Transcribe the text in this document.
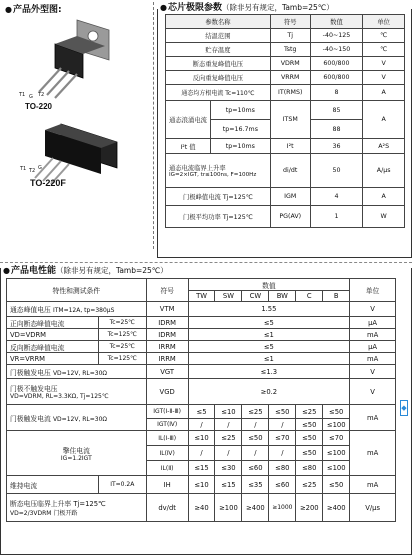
●产品外型图:
T1 G T2
TO-220
T1 T2 G
TO-220F
●芯片极限参数（除非另有规定，Tamb=25℃）
参数名称		符号	数值	单位
结温范围		Tj	-40~125	℃
贮存温度		Tstg	-40~150	℃
断态重复峰值电压		VDRM	600/800	V
反向重复峰值电压		VRRM	600/800	V
通态均方根电流 Tc=110℃		IT(RMS)	8	A
通态浪涌电流	tp=10ms	ITSM	85	A
	tp=16.7ms		88	
I²t 值	tp=10ms	I²t	36	A²S

通态电流临界上升率
IG=2×IGT, tr≤100ns, F=100Hz		di/dt	50	A/μs
门极峰值电流 Tj=125℃		IGM	4	A
门极平均功率 Tj=125℃		PG(AV)	1	W
●产品电性能（除非另有规定，Tamb=25℃）
特性和测试条件		符号	数值						单位
			TW	SW	CW	BW	C	B	
通态峰值电压 ITM=12A, tp=380μS		VTM	1.55						V
正向断态峰值电流	Tc=25℃	IDRM	≤5						μA
VD=VDRM	Tc=125℃	IDRM	≤1						mA
反向断态峰值电流	Tc=25℃	IRRM	≤5						μA
VR=VRRM	Tc=125℃	IRRM	≤1						mA
门极触发电压 VD=12V, RL=30Ω		VGT	≤1.3						V

门极不触发电压
VD=VDRM, RL=3.3KΩ, Tj=125℃		VGD	≥0.2						V
门极触发电流 VD=12V, RL=30Ω		IGT(Ⅰ-Ⅱ-Ⅲ)	≤5	≤10	≤25	≤50	≤25	≤50	mA
		IGT(Ⅳ)	/	/	/	/	≤50	≤100	

擎住电流
IG=1.2IGT		IL(Ⅰ-Ⅲ)	≤10	≤25	≤50	≤70	≤50	≤70	mA
		IL(Ⅳ)	/	/	/	/	≤50	≤100	
		IL(Ⅱ)	≤15	≤30	≤60	≤80	≤80	≤100	
维持电流	IT=0.2A	IH	≤10	≤15	≤35	≤60	≤25	≤50	mA

断态电压临界上升率 Tj=125℃
VD=2/3VDRM 门极开路		dv/dt	≥40	≥100	≥400	≥1000	≥200	≥400	V/μs
◆
